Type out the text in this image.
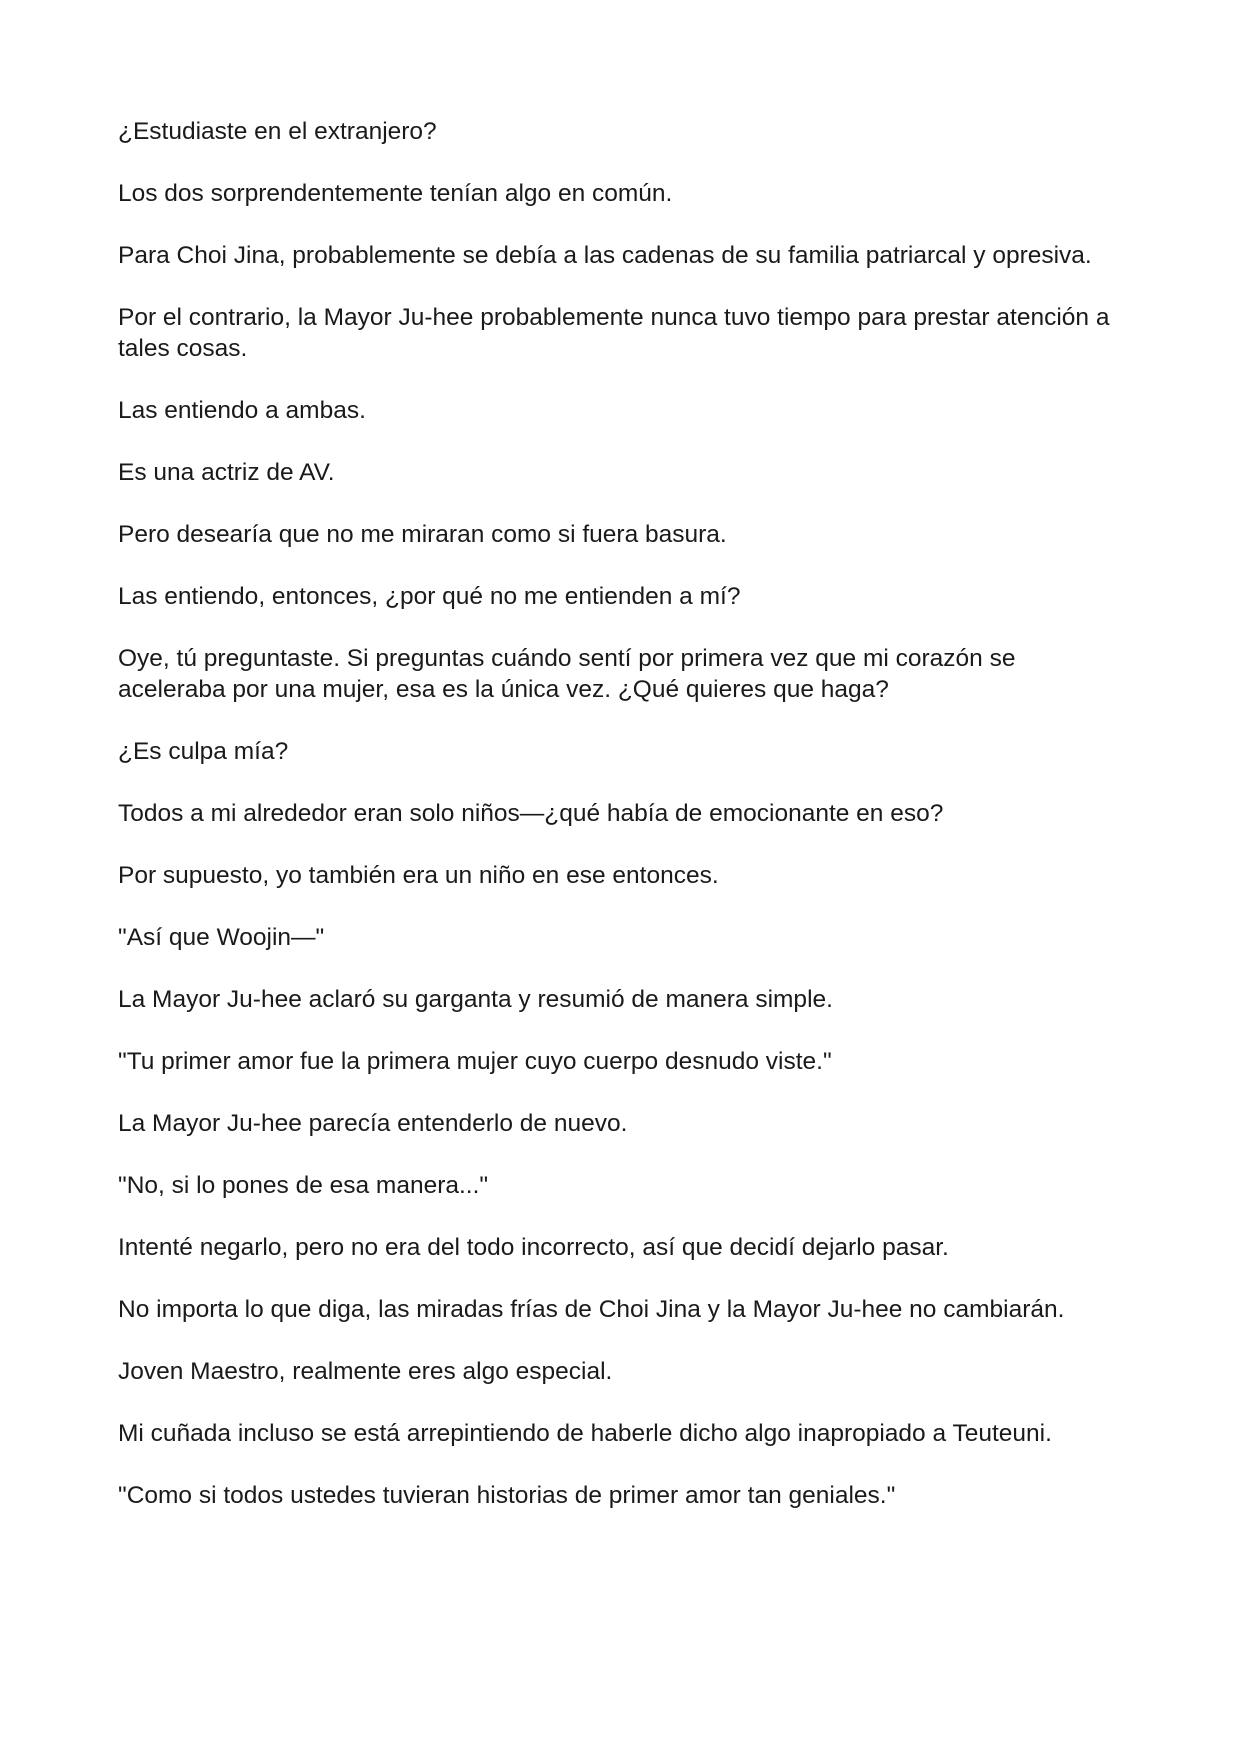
¿Estudiaste en el extranjero?

Los dos sorprendentemente tenían algo en común.

Para Choi Jina, probablemente se debía a las cadenas de su familia patriarcal y opresiva.

Por el contrario, la Mayor Ju-hee probablemente nunca tuvo tiempo para prestar atención a tales cosas.

Las entiendo a ambas.

Es una actriz de AV.

Pero desearía que no me miraran como si fuera basura.

Las entiendo, entonces, ¿por qué no me entienden a mí?

Oye, tú preguntaste. Si preguntas cuándo sentí por primera vez que mi corazón se aceleraba por una mujer, esa es la única vez. ¿Qué quieres que haga?

¿Es culpa mía?

Todos a mi alrededor eran solo niños—¿qué había de emocionante en eso?

Por supuesto, yo también era un niño en ese entonces.

"Así que Woojin—"

La Mayor Ju-hee aclaró su garganta y resumió de manera simple.

"Tu primer amor fue la primera mujer cuyo cuerpo desnudo viste."

La Mayor Ju-hee parecía entenderlo de nuevo.

"No, si lo pones de esa manera..."

Intenté negarlo, pero no era del todo incorrecto, así que decidí dejarlo pasar.

No importa lo que diga, las miradas frías de Choi Jina y la Mayor Ju-hee no cambiarán.

Joven Maestro, realmente eres algo especial.

Mi cuñada incluso se está arrepintiendo de haberle dicho algo inapropiado a Teuteuni.

"Como si todos ustedes tuvieran historias de primer amor tan geniales."
